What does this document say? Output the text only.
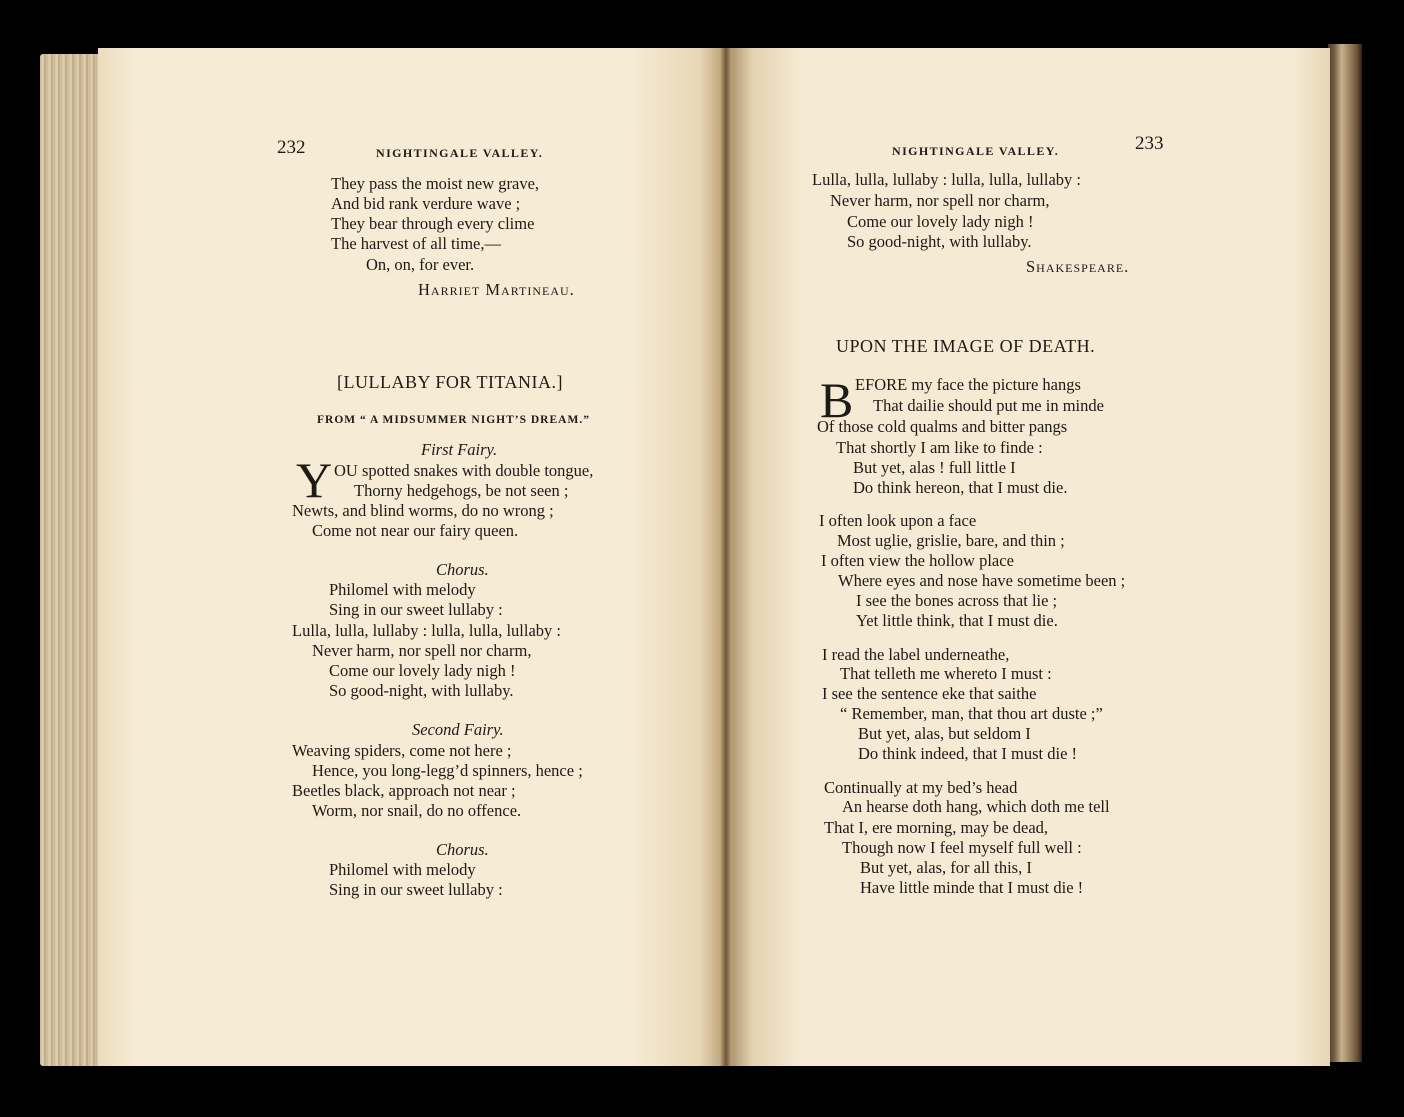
232	NIGHTINGALE VALLEY.
They pass the moist new grave,
And bid rank verdure wave ;
They bear through every clime
The harvest of all time,—
On, on, for ever.
Harriet Martineau.
[LULLABY FOR TITANIA.]
FROM “ A MIDSUMMER NIGHT’S DREAM.”
First Fairy.
Y OU spotted snakes with double tongue,
Thorny hedgehogs, be not seen ;
Newts, and blind worms, do no wrong ;
Come not near our fairy queen.
Chorus.
Philomel with melody
Sing in our sweet lullaby :
Lulla, lulla, lullaby : lulla, lulla, lullaby :
Never harm, nor spell nor charm,
Come our lovely lady nigh !
So good-night, with lullaby.
Second Fairy.
Weaving spiders, come not here ;
Hence, you long-legg’d spinners, hence ;
Beetles black, approach not near ;
Worm, nor snail, do no offence.
Chorus.
Philomel with melody
Sing in our sweet lullaby :
NIGHTINGALE VALLEY.	233
Lulla, lulla, lullaby : lulla, lulla, lullaby :
Never harm, nor spell nor charm,
Come our lovely lady nigh !
So good-night, with lullaby.
Shakespeare.
UPON THE IMAGE OF DEATH.
B EFORE my face the picture hangs
That dailie should put me in minde
Of those cold qualms and bitter pangs
That shortly I am like to finde :
But yet, alas ! full little I
Do think hereon, that I must die.
I often look upon a face
Most uglie, grislie, bare, and thin ;
I often view the hollow place
Where eyes and nose have sometime been ;
I see the bones across that lie ;
Yet little think, that I must die.
I read the label underneathe,
That telleth me whereto I must :
I see the sentence eke that saithe
“ Remember, man, that thou art duste ;”
But yet, alas, but seldom I
Do think indeed, that I must die !
Continually at my bed’s head
An hearse doth hang, which doth me tell
That I, ere morning, may be dead,
Though now I feel myself full well :
But yet, alas, for all this, I
Have little minde that I must die !
